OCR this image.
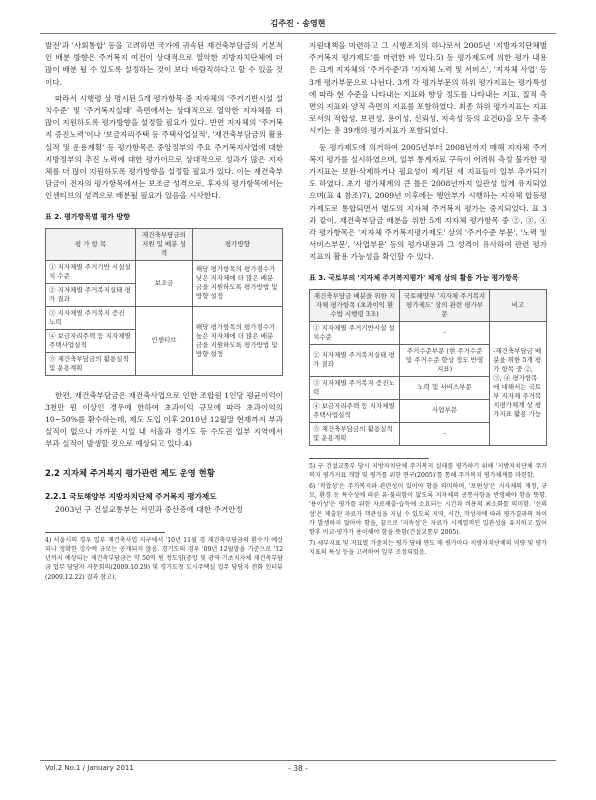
김주진 · 송영현

발전'과 '사회통합' 등을 고려하면 국가에 귀속된 재건축부담금의 기본적인 배분 방향은 주거복지 여건이 상대적으로 열악한 지방자치단체에 더 많이 배분 될 수 있도록 설정하는 것이 보다 바람직하다고 할 수 있을 것이다.

따라서 시행령 상 명시된 5개 평가항목 중 지자체의 '주거기반시설 설치수준' 및 '주거복지실태' 측면에서는 상대적으로 열악한 지자체를 더 많이 지원하도록 평가방향을 설정할 필요가 있다. 반면 지자체의 '주거복지 증진노력'이나 '보금자리주택 등 주택사업실적', '재건축부담금의 활용실적 및 운용계획' 등 평가항목은 중앙정부의 주요 주거복지사업에 대한 지방정부의 추진 노력에 대한 평가이므로 상대적으로 성과가 많은 지자체를 더 많이 지원하도록 평가방향을 설정할 필요가 있다. 이는 재건축부담금이 전자의 평가항목에서는 보조금 성격으로, 후자의 평가항목에서는 인센티브의 성격으로 배분될 필요가 있음을 시사한다.

표 2. 평가항목별 평가 방향

평 가 항 목	재건축부담금의 지원 및 배분 성격	평가방향
① 지자체별 주거기반 시설설치 수준	보조금	해당 평가항목의 평가점수가 낮은 지자체에 더 많은 배분금을 지원하도록 평가방법 및 방향 설정
② 지자체별 주거복지실태 평가 결과		
③ 지자체별 주거복지 증진 노력	인센티브	해당 평가항목의 평가점수가 높은 지자체에 더 많은 배분금을 지원하도록 평가방법 및 방향 설정
④ 보금자리주택 등 지자체별 주택사업실적		
⑤ 재건축부담금의 활용실적 및 운용계획		

한편, 재건축부담금은 재건축사업으로 인한 조합원 1인당 평균이익이 3천만 원 이상인 경우에 한하여 초과이익 규모에 따라 초과이익의 10~50%를 환수하는데, 제도 도입 이후 2010년 12월말 현재까지 부과 실적이 없으나 가까운 시일 내 서울과 경기도 등 수도권 일부 지역에서 부과 실적이 발생할 것으로 예상되고 있다.4)

2.2 지자체 주거복지 평가관련 제도 운영 현황

2.2.1 국토해양부 지방자치단체 주거복지 평가제도

2003년 구 건설교통부는 서민과 중산층에 대한 주거안정

4) 서울시의 경우 일부 재건축사업 지구에서 '10년 11월 경 재건축부담금의 환수가 예상되나 정확한 징수액 규모는 공개되지 않음. 경기도의 경우 '09년 12월말을 기준으로 '12년까지 예상되는 재건축부담금은 약 50억 원 정도임(중앙 및 광역·기초지자체 재건축부담금 업무 담당자 자문회의(2009.10.29) 및 경기도청 도시주택실 업무 담당자 전화 인터뷰(2009.12.22) 결과 참고).

지원대책을 마련하고 그 시행조치의 하나로서 2005년 '지방자치단체별 주거복지 평가제도'를 마련한 바 있다.5) 동 평가제도에 의한 평가 내용은 크게 지자체의 '주거수준'과 '지자체 노력 및 서비스', '지자체 사업' 등 3개 평가부문으로 나뉜다. 3개 각 평가부문의 하위 평가지표는 평가특성에 따라 현 수준을 나타내는 지표와 향상 정도를 나타내는 지표, 질적 측면의 지표와 양적 측면의 지표를 포함하였다. 최종 하위 평가지표는 지표로서의 적합성, 보편성, 용이성, 신뢰성, 지속성 등의 요건6)을 모두 충족시키는 총 39개의 평가지표가 포함되었다.

동 평가제도에 의거하여 2005년부터 2008년까지 매해 지자체 주거복지 평가를 실시하였으며, 일부 통계자료 구득이 어려워 측정 불가한 평가지표는 보완·삭제하거나 필요성이 제기된 새 지표들이 일부 추가되기도 하였다. 초기 평가체계의 큰 틀은 2008년까지 일관성 있게 유지되었으며(표 4 참조)7), 2009년 이후에는 행안부가 시행하는 지자체 합동평가제도로 통합되면서 별도의 지자체 주거복지 평가는 중지되었다. 표 3과 같이, 재건축부담금 배분을 위한 5개 지자체 평가항목 중 ②, ③, ④ 각 평가항목은 '지자체 주거복지평가제도' 상의 '주거수준 부문', '노력 및 서비스부문', '사업부문' 등의 평가내용과 그 성격이 유사하여 관련 평가지표의 활용 가능성을 확인할 수 있다.

표 3. 국토부의 '지자체 주거복지평가' 체계 상의 활용 가능 평가항목

재건축부담금 배분을 위한 지자체 평가항목 (초과이익 환수법 시행령 3조)	국토해양부 '지자체 주거복지평가제도' 상의 관련 평가부문	비고
① 지자체별 주거기반시설 설치수준	-	-재건축부담금 배분을 위한 5개 평가 항목 중 ②, ③, ④ 평가항목에 대해서는 국토부 지자체 주거복지평가체계 상 평가지표 활용 가능
② 지자체별 주거복지실태 평가 결과	주거수준부문 (현 주거수준 및 주거수준 향상 정도 반영 지표)	
③ 지자체별 주거복지 증진노력	노력 및 서비스부문	
④ 보금자리주택 등 지자체별 주택사업실적	사업부문	
⑤ 재건축부담금의 활용실적 및 운용계획	-	

5) 구 건설교통부 당시 지방자치단체 주거복지 실태를 평가하기 위해 '지방자치단체 주거복지 평가지표 개발 및 평가를 위한 연구(2005)'를 통해 주거복지 평가체계를 마련함.

6) '적합성'은 주거복지와 관련성이 있어야 함을 의미하며, '보편성'은 지자체의 재정, 규모, 환경 등 특수성에 따른 유·불리함이 없도록 지자체의 공통사항을 반영해야 함을 뜻함. '용이성'은 평가를 위한 자료제출·습득에 소요되는 시간과 비용의 최소화를 의미함. '신뢰성'은 제출된 자료가 객관성을 지닐 수 있도록 지역, 시간, 작성자에 따라 평가결과의 차이가 발생하지 않아야 함을, 끝으로 '지속성'은 자료가 시계열적인 일관성을 유지하고 있어 향후 비교·평가가 용이해야 함을 뜻함(건설교통부 2005).

7) 세부지표 및 지표별 가중치는 평가 당해 연도 매 평가마다 지방자치단체의 역량 및 평가지표의 특성 등을 고려하여 일부 조정되었음.

Vol.2 No.1 / January 2011	- 38 -
